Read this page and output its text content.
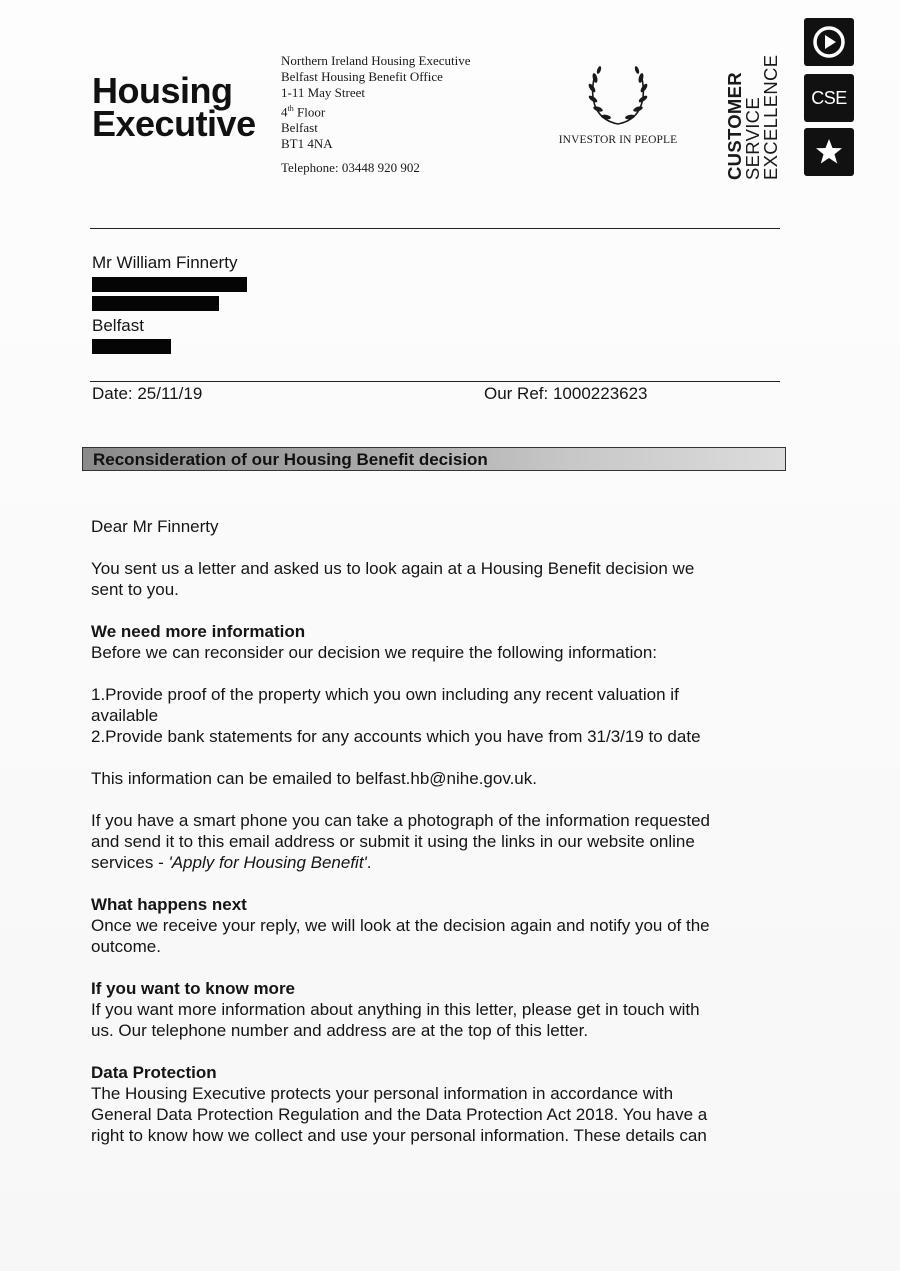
Housing
Executive
Northern Ireland Housing Executive
Belfast Housing Benefit Office
1-11 May Street
4th Floor
Belfast
BT1 4NA
Telephone: 03448 920 902
INVESTOR IN PEOPLE	CUSTOMER
SERVICE
EXCELLENCE CSE
Mr William Finnerty
Belfast
Date: 25/11/19	Our Ref: 1000223623
Reconsideration of our Housing Benefit decision

Dear Mr Finnerty

You sent us a letter and asked us to look again at a Housing Benefit decision we

sent to you.

We need more information

Before we can reconsider our decision we require the following information:

1.Provide proof of the property which you own including any recent valuation if

available

2.Provide bank statements for any accounts which you have from 31/3/19 to date

This information can be emailed to belfast.hb@nihe.gov.uk.

If you have a smart phone you can take a photograph of the information requested

and send it to this email address or submit it using the links in our website online

services - 'Apply for Housing Benefit'.

What happens next

Once we receive your reply, we will look at the decision again and notify you of the

outcome.

If you want to know more

If you want more information about anything in this letter, please get in touch with

us. Our telephone number and address are at the top of this letter.

Data Protection

The Housing Executive protects your personal information in accordance with

General Data Protection Regulation and the Data Protection Act 2018. You have a

right to know how we collect and use your personal information. These details can
